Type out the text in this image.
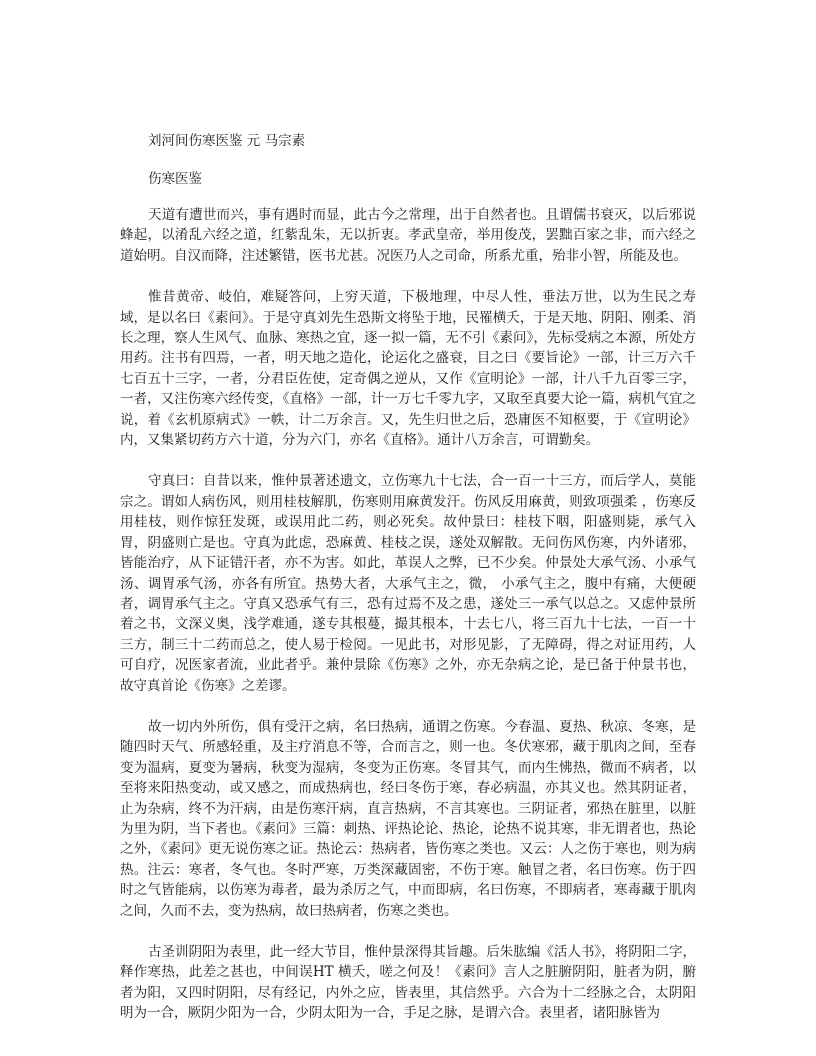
刘河间伤寒医鉴 元 马宗素
伤寒医鉴

天道有遭世而兴，事有遇时而显，此古今之常理，出于自然者也。且谓儒书衰灭，以后邪说蜂起，以淆乱六经之道，红紫乱朱，无以折衷。孝武皇帝，举用俊茂，罢黜百家之非，而六经之道始明。自汉而降，注述繁错，医书尤甚。况医乃人之司命，所系尤重，殆非小智，所能及也。

惟昔黄帝、岐伯，难疑答问，上穷天道，下极地理，中尽人性，垂法万世，以为生民之寿域，是以名曰《素问》。于是守真刘先生恐斯文将坠于地，民罹横夭，于是天地、阴阳、刚柔、消长之理，察人生风气、血脉、寒热之宜，逐一拟一篇，无不引《素问》，先标受病之本源，所处方用药。注书有四焉，一者，明天地之造化，论运化之盛衰，目之曰《要旨论》一部，计三万六千七百五十三字，一者，分君臣佐使，定奇偶之逆从，又作《宣明论》一部，计八千九百零三字，一者，又注伤寒六经传变，《直格》一部，计一万七千零九字，又取至真要大论一篇，病机气宜之说，着《玄机原病式》一帙，计二万余言。又，先生归世之后，恐庸医不知枢要，于《宣明论》内，又集紧切药方六十道，分为六门，亦名《直格》。通计八万余言，可谓勤矣。

守真曰：自昔以来，惟仲景著述遗文，立伤寒九十七法，合一百一十三方，而后学人，莫能宗之。谓如人病伤风，则用桂枝解肌，伤寒则用麻黄发汗。伤风反用麻黄，则致项强柔 ，伤寒反用桂枝，则作惊狂发斑，或误用此二药，则必死矣。故仲景曰：桂枝下咽，阳盛则毙，承气入胃，阴盛则亡是也。守真为此虑，恐麻黄、桂枝之误，遂处双解散。无问伤风伤寒，内外诸邪，皆能治疗，从下证错汗者，亦不为害。如此，革误人之弊，已不少矣。仲景处大承气汤、小承气汤、调胃承气汤，亦各有所宜。热势大者，大承气主之，微， 小承气主之，腹中有痛，大便硬者，调胃承气主之。守真又恐承气有三，恐有过焉不及之患，遂处三一承气以总之。又虑仲景所着之书，文深义奥，浅学难通，遂专其根蔓，撮其根本，十去七八，将三百九十七法，一百一十三方，制三十二药而总之，使人易于检阅。一见此书，对形见影，了无障碍，得之对证用药，人可自疗，况医家者流，业此者乎。兼仲景除《伤寒》之外，亦无杂病之论，是已备于仲景书也，故守真首论《伤寒》之差谬。

故一切内外所伤，俱有受汗之病，名曰热病，通谓之伤寒。今春温、夏热、秋凉、冬寒，是随四时天气、所感轻重，及主疗消息不等，合而言之，则一也。冬伏寒邪，藏于肌肉之间，至春变为温病，夏变为暑病，秋变为湿病，冬变为正伤寒。冬冒其气，而内生怫热，微而不病者，以至将来阳热变动，或又感之，而成热病也，经曰冬伤于寒，春必病温，亦其义也。然其阴证者，止为杂病，终不为汗病，由是伤寒汗病，直言热病，不言其寒也。三阴证者，邪热在脏里，以脏为里为阴，当下者也。《素问》三篇：刺热、评热论论、热论，论热不说其寒，非无谓者也，热论之外，《素问》更无说伤寒之证。热论云：热病者，皆伤寒之类也。又云：人之伤于寒也，则为病热。注云：寒者，冬气也。冬时严寒，万类深藏固密，不伤于寒。触冒之者，名曰伤寒。伤于四时之气皆能病，以伤寒为毒者，最为杀厉之气，中而即病，名曰伤寒，不即病者，寒毒藏于肌肉之间，久而不去，变为热病，故曰热病者，伤寒之类也。

古圣训阴阳为表里，此一经大节目，惟仲景深得其旨趣。后朱肱编《活人书》，将阴阳二字，释作寒热，此差之甚也，中间误HT 横夭，嗟之何及！《素问》言人之脏腑阴阳，脏者为阴，腑者为阳，又四时阴阳，尽有经记，内外之应，皆表里，其信然乎。六合为十二经脉之合，太阴阳明为一合，厥阴少阳为一合，少阴太阳为一合，手足之脉，是谓六合。表里者，诸阳脉皆为
